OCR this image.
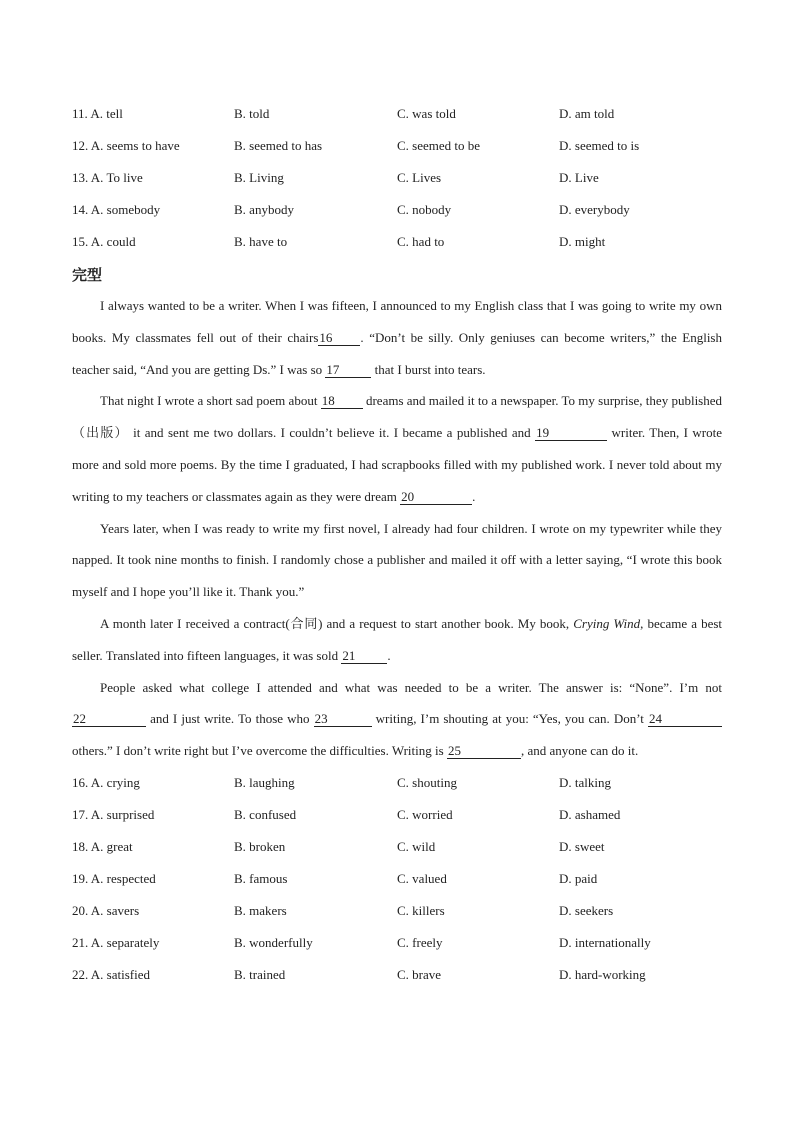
11. A. tell	B. told	C. was told	D. am told
12. A. seems to have	B. seemed to has	C. seemed to be	D. seemed to is
13. A. To live	B. Living	C. Lives	D. Live
14. A. somebody	B. anybody	C. nobody	D. everybody
15. A. could	B. have to	C. had to	D. might
完型

I always wanted to be a writer. When I was fifteen, I announced to my English class that I was going to write my own books. My classmates fell out of their chairs16 . “Don’t be silly. Only geniuses can become writers,” the English teacher said, “And you are getting Ds.” I was so 17	that I burst into tears.

That night I wrote a short sad poem about 18 dreams and mailed it to a newspaper. To my surprise, they published（出版） it and sent me two dollars. I couldn’t believe it. I became a published and 19	writer. Then, I wrote more and sold more poems. By the time I graduated, I had scrapbooks filled with my published work. I never told about my writing to my teachers or classmates again as they were dream 20	.

Years later, when I was ready to write my first novel, I already had four children. I wrote on my typewriter while they napped. It took nine months to finish. I randomly chose a publisher and mailed it off with a letter saying, “I wrote this book myself and I hope you’ll like it. Thank you.”

A month later I received a contract(合同) and a request to start another book. My book, Crying Wind, became a best seller. Translated into fifteen languages, it was sold 21 .

People asked what college I attended and what was needed to be a writer. The answer is: “None”. I’m not 22	and I just write. To those who 23	writing, I’m shouting at you: “Yes, you can. Don’t 24 others.” I don’t write right but I’ve overcome the difficulties. Writing is 25	, and anyone can do it.

16. A. crying	B. laughing	C. shouting	D. talking
17. A. surprised	B. confused	C. worried	D. ashamed
18. A. great	B. broken	C. wild	D. sweet
19. A. respected	B. famous	C. valued	D. paid
20. A. savers	B. makers	C. killers	D. seekers
21. A. separately	B. wonderfully	C. freely	D. internationally
22. A. satisfied	B. trained	C. brave	D. hard-working
